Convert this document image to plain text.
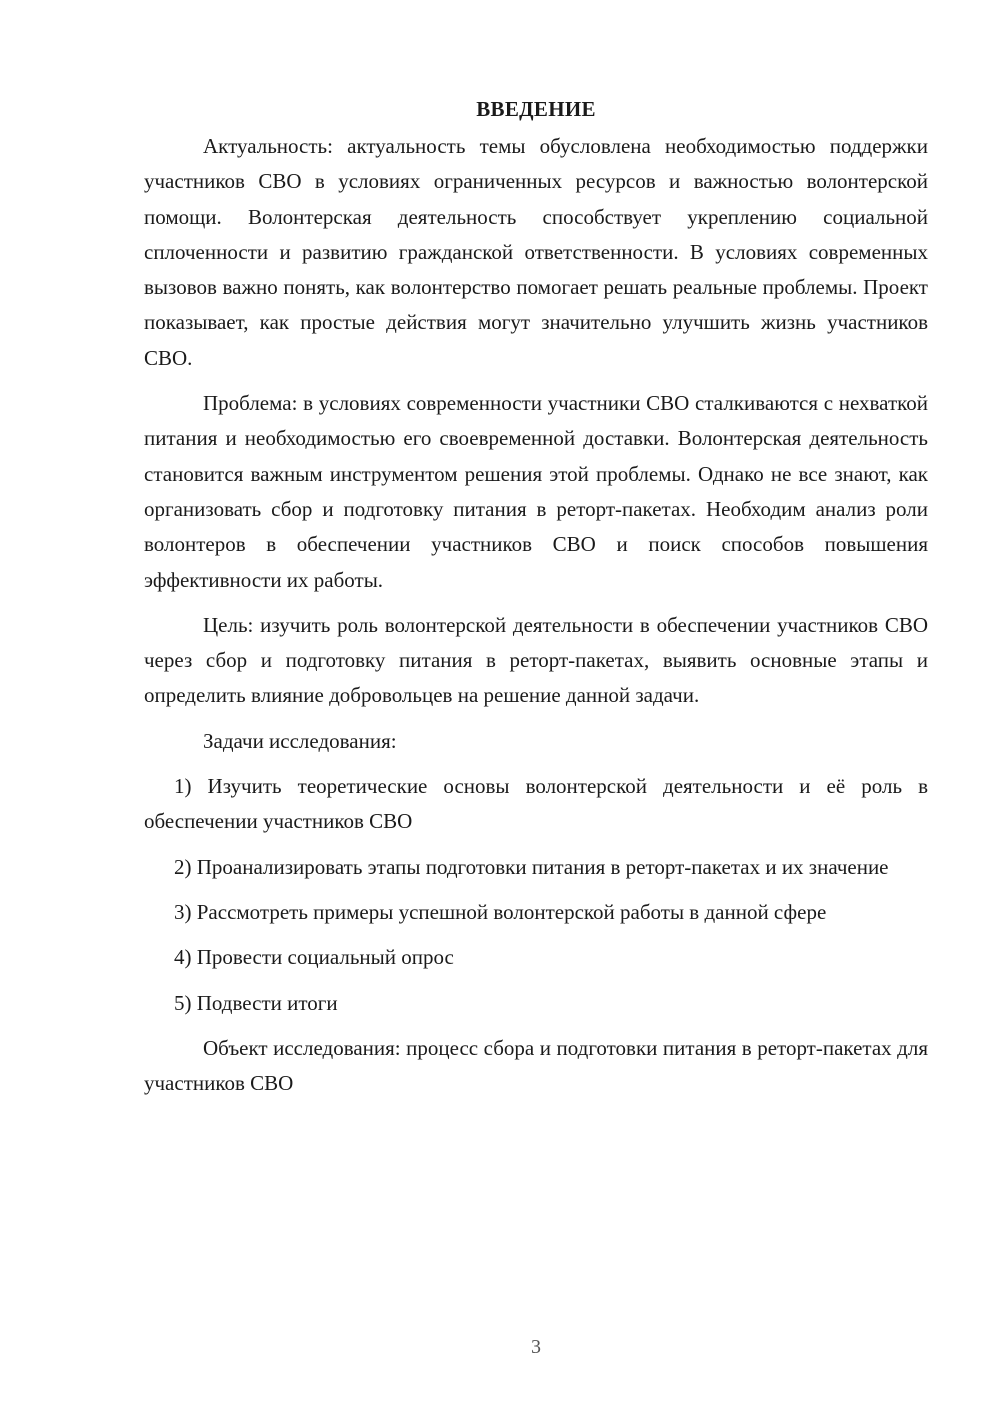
ВВЕДЕНИЕ

Актуальность: актуальность темы обусловлена необходимостью поддержки участников СВО в условиях ограниченных ресурсов и важностью волонтерской помощи. Волонтерская деятельность способствует укреплению социальной сплоченности и развитию гражданской ответственности. В условиях современных вызовов важно понять, как волонтерство помогает решать реальные проблемы. Проект показывает, как простые действия могут значительно улучшить жизнь участников СВО.

Проблема: в условиях современности участники СВО сталкиваются с нехваткой питания и необходимостью его своевременной доставки. Волонтерская деятельность становится важным инструментом решения этой проблемы. Однако не все знают, как организовать сбор и подготовку питания в реторт-пакетах. Необходим анализ роли волонтеров в обеспечении участников СВО и поиск способов повышения эффективности их работы.

Цель: изучить роль волонтерской деятельности в обеспечении участников СВО через сбор и подготовку питания в реторт-пакетах, выявить основные этапы и определить влияние добровольцев на решение данной задачи.

Задачи исследования:

1) Изучить теоретические основы волонтерской деятельности и её роль в обеспечении участников СВО

2) Проанализировать этапы подготовки питания в реторт-пакетах и их значение

3) Рассмотреть примеры успешной волонтерской работы в данной сфере

4) Провести социальный опрос

5) Подвести итоги

Объект исследования: процесс сбора и подготовки питания в реторт-пакетах для участников СВО

3
